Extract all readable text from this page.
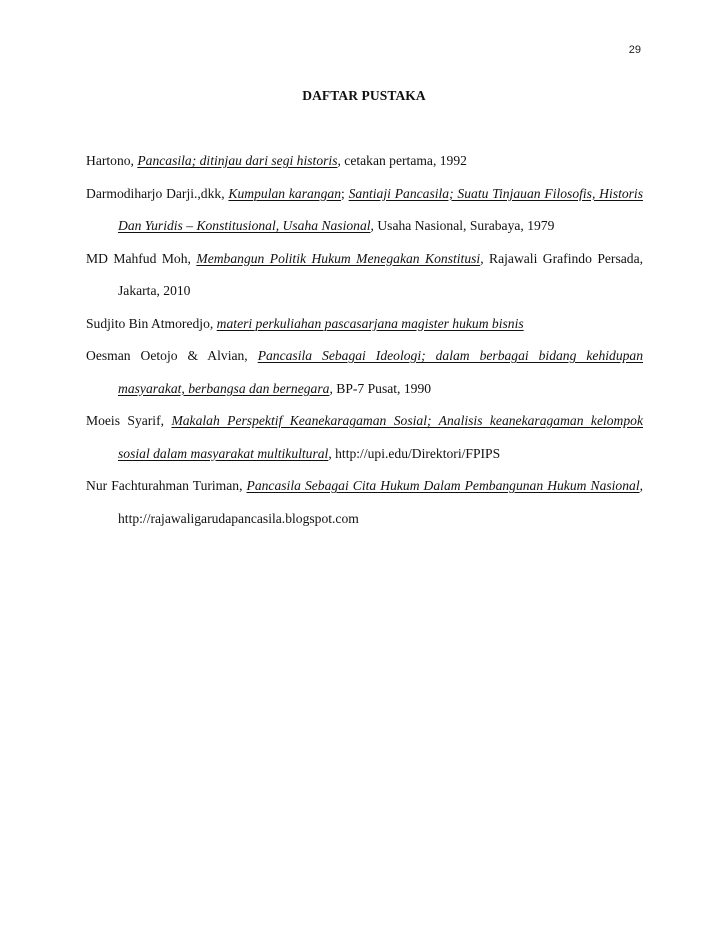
29
DAFTAR PUSTAKA

Hartono, Pancasila; ditinjau dari segi historis, cetakan pertama, 1992

Darmodiharjo Darji.,dkk, Kumpulan karangan; Santiaji Pancasila; Suatu Tinjauan Filosofis, Historis Dan Yuridis – Konstitusional, Usaha Nasional, Usaha Nasional, Surabaya, 1979

MD Mahfud Moh, Membangun Politik Hukum Menegakan Konstitusi, Rajawali Grafindo Persada, Jakarta, 2010

Sudjito Bin Atmoredjo, materi perkuliahan pascasarjana magister hukum bisnis

Oesman Oetojo & Alvian, Pancasila Sebagai Ideologi; dalam berbagai bidang kehidupan masyarakat, berbangsa dan bernegara, BP-7 Pusat, 1990

Moeis Syarif, Makalah Perspektif Keanekaragaman Sosial; Analisis keanekaragaman kelompok sosial dalam masyarakat multikultural, http://upi.edu/Direktori/FPIPS

Nur Fachturahman Turiman, Pancasila Sebagai Cita Hukum Dalam Pembangunan Hukum Nasional, http://rajawaligarudapancasila.blogspot.com
